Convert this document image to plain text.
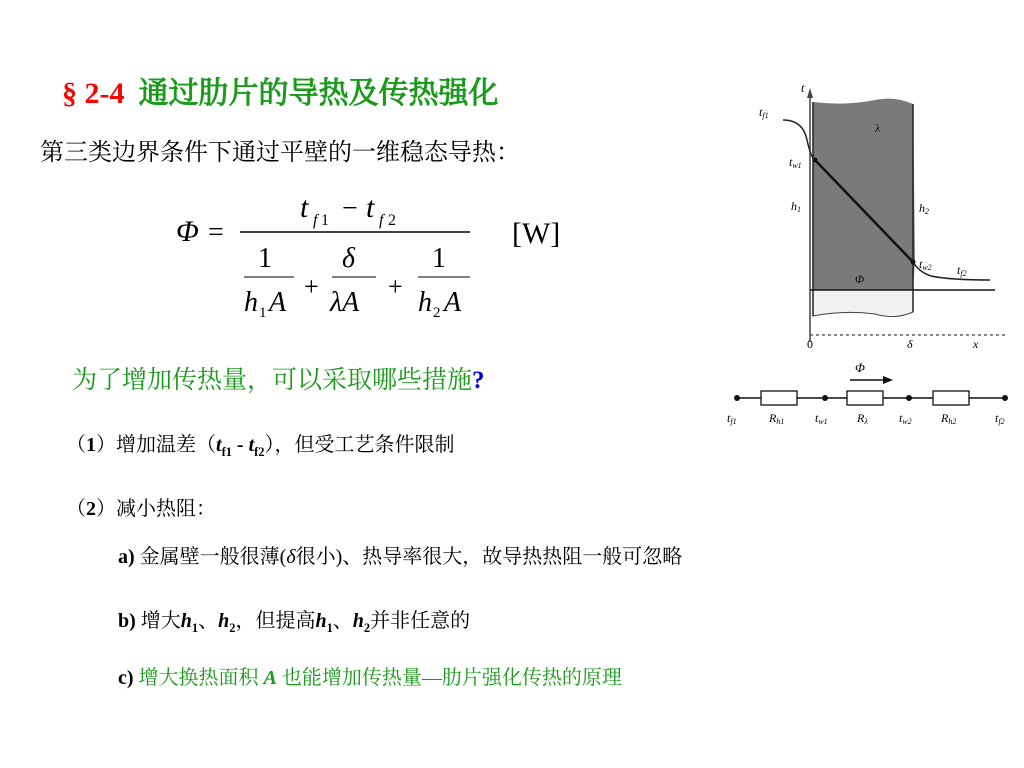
§ 2-4 通过肋片的导热及传热强化
第三类边界条件下通过平壁的一维稳态导热：
Φ =
t f 1 − t f 2
1
h 1 A
+
δ
λA
+
1
h 2 A
[W]
t
x
Φ
λ
tf1
tw1
h1	h2
tw2 tf2
0	δ
Φ
tf1	tw1	tw2	tf2
Rh1	Rλ	Rh2
为了增加传热量，可以采取哪些措施?
（1）增加温差$(t_{f1} - t_{f2})$，但受工艺条件限制
（2）减小热阻：
a) 金属壁一般很薄(δ很小)、热导率很大，故导热热阻一般可忽略
b) 增大$h_1$、$h_2$，但提高$h_1$、$h_2$并非任意的
c) 增大换热面积 A 也能增加传热量—肋片强化传热的原理
